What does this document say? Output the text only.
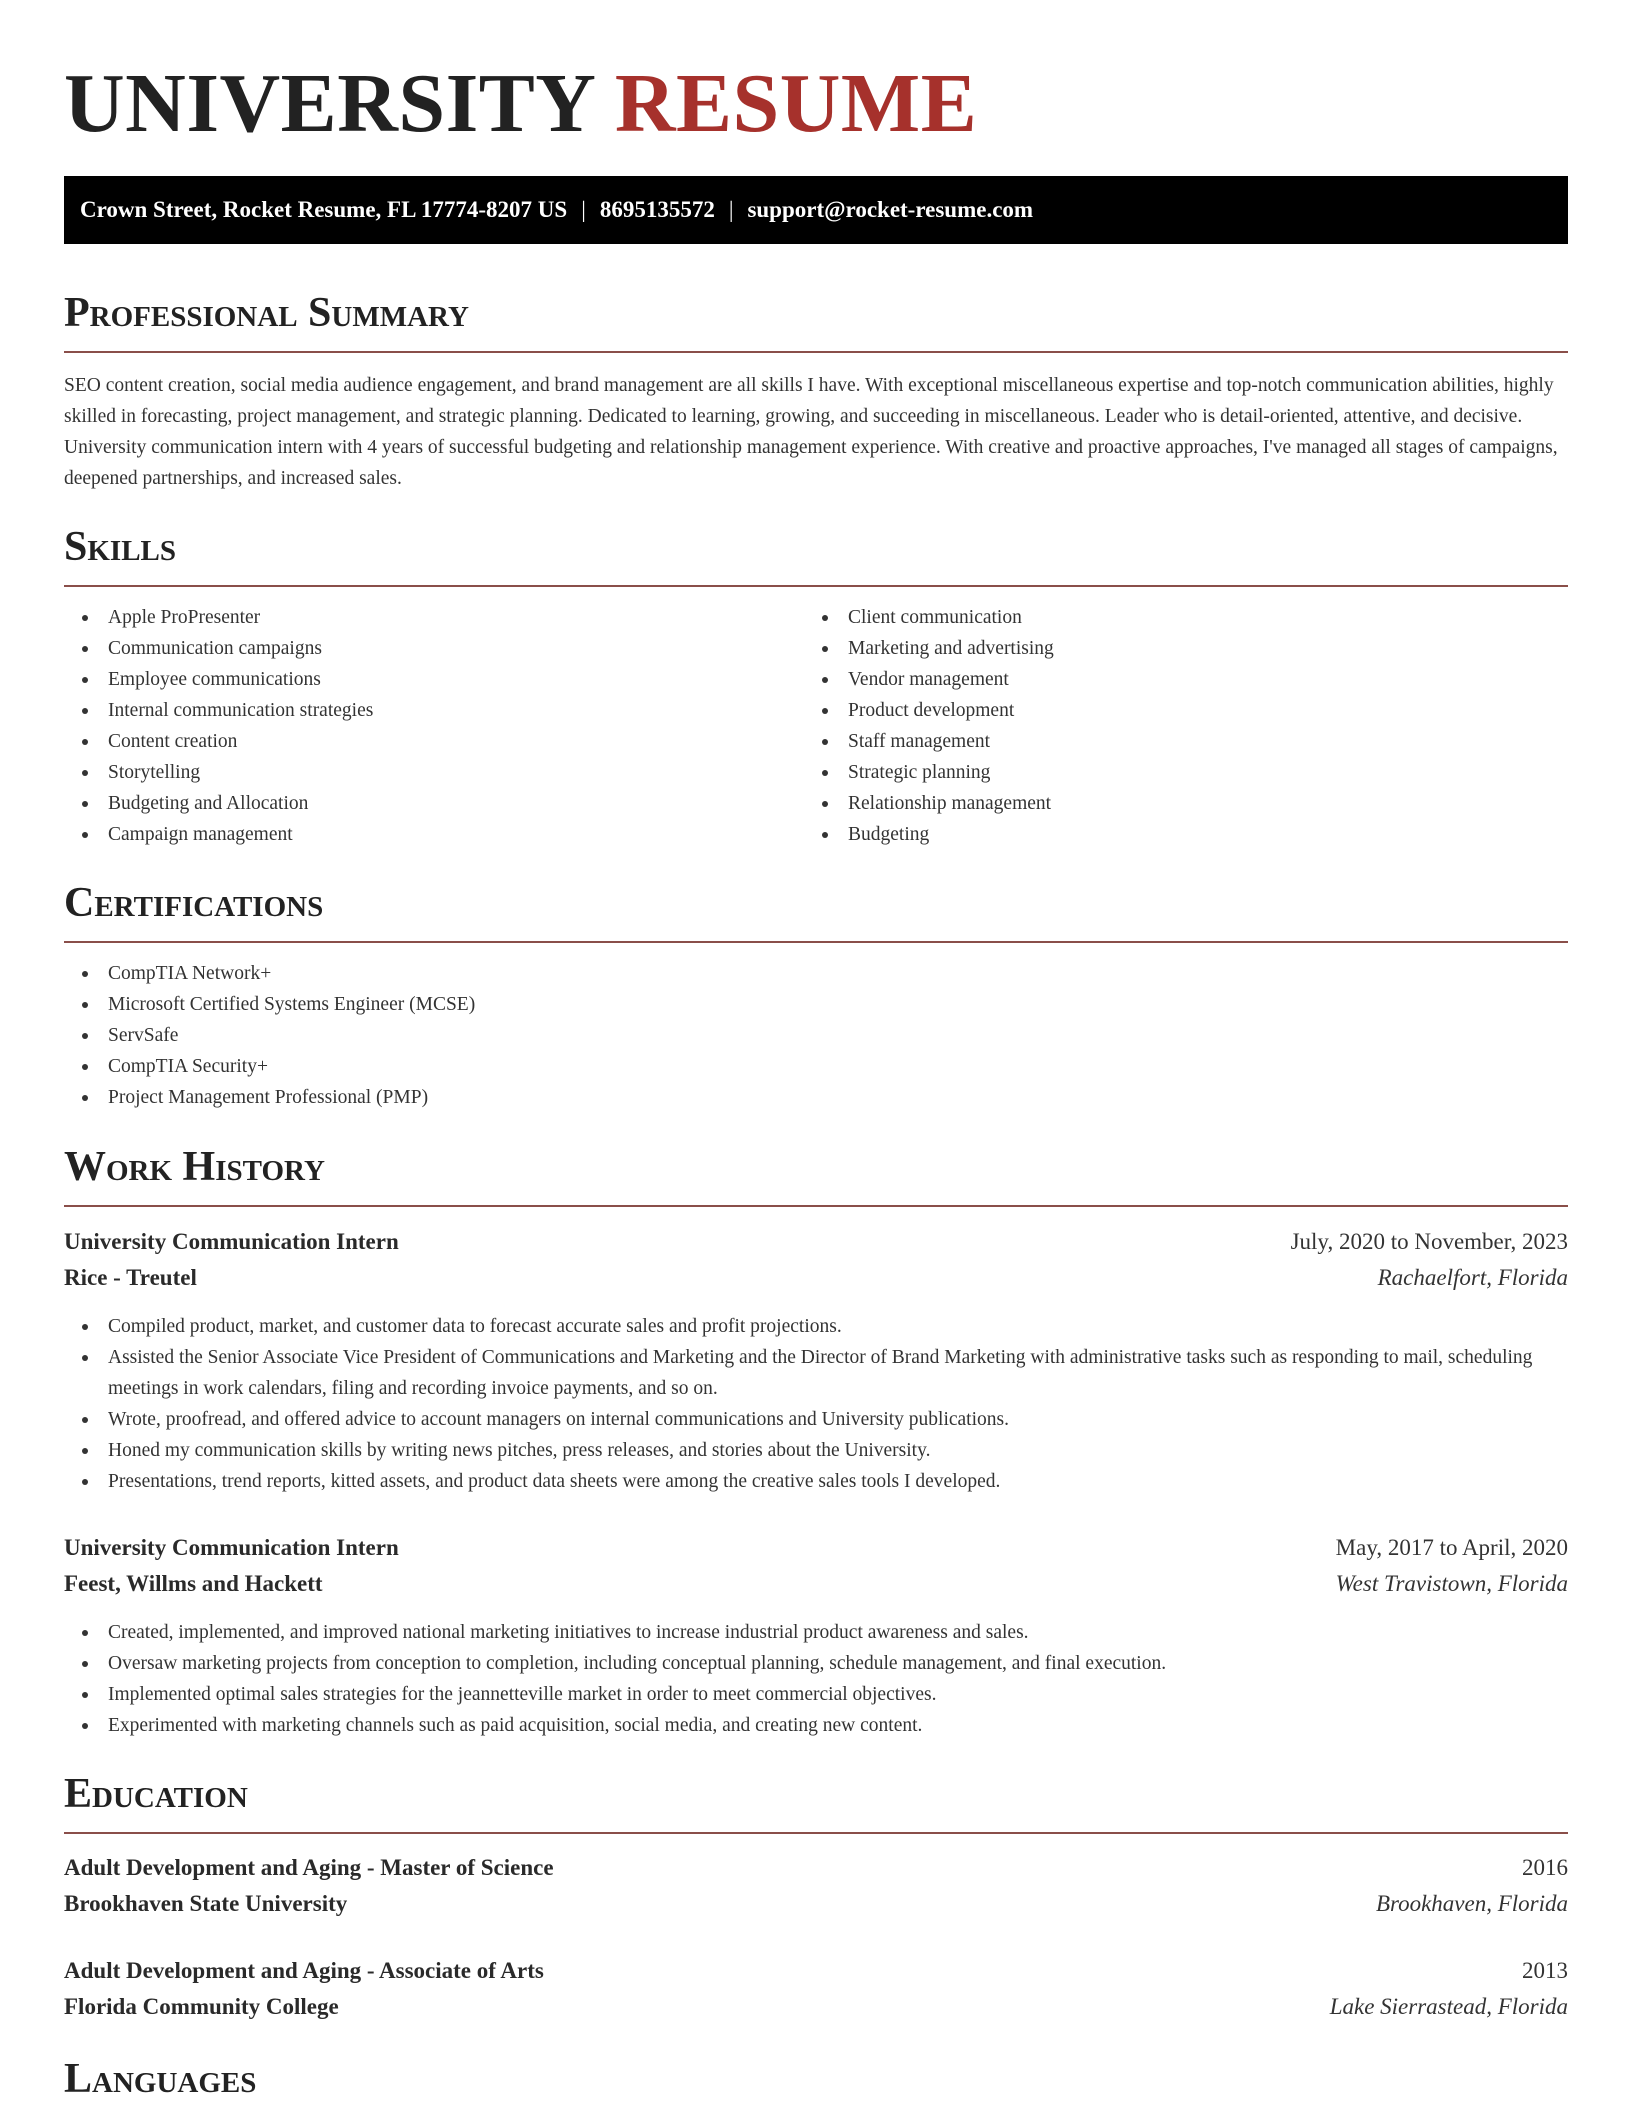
UNIVERSITY RESUME
Crown Street, Rocket Resume, FL 17774-8207 US | 8695135572 | support@rocket-resume.com
Professional Summary

SEO content creation, social media audience engagement, and brand management are all skills I have. With exceptional miscellaneous expertise and top-notch communication abilities, highly skilled in forecasting, project management, and strategic planning. Dedicated to learning, growing, and succeeding in miscellaneous. Leader who is detail-oriented, attentive, and decisive. University communication intern with 4 years of successful budgeting and relationship management experience. With creative and proactive approaches, I've managed all stages of campaigns, deepened partnerships, and increased sales.

Skills
Apple ProPresenter
Communication campaigns
Employee communications
Internal communication strategies
Content creation
Storytelling
Budgeting and Allocation
Campaign management
Client communication
Marketing and advertising
Vendor management
Product development
Staff management
Strategic planning
Relationship management
Budgeting
Certifications
CompTIA Network+
Microsoft Certified Systems Engineer (MCSE)
ServSafe
CompTIA Security+
Project Management Professional (PMP)
Work History
University Communication Intern	July, 2020 to November, 2023
Rice - Treutel	Rachaelfort, Florida
Compiled product, market, and customer data to forecast accurate sales and profit projections.
Assisted the Senior Associate Vice President of Communications and Marketing and the Director of Brand Marketing with administrative tasks such as responding to mail, scheduling meetings in work calendars, filing and recording invoice payments, and so on.
Wrote, proofread, and offered advice to account managers on internal communications and University publications.
Honed my communication skills by writing news pitches, press releases, and stories about the University.
Presentations, trend reports, kitted assets, and product data sheets were among the creative sales tools I developed.
University Communication Intern	May, 2017 to April, 2020
Feest, Willms and Hackett	West Travistown, Florida
Created, implemented, and improved national marketing initiatives to increase industrial product awareness and sales.
Oversaw marketing projects from conception to completion, including conceptual planning, schedule management, and final execution.
Implemented optimal sales strategies for the jeannetteville market in order to meet commercial objectives.
Experimented with marketing channels such as paid acquisition, social media, and creating new content.
Education
Adult Development and Aging - Master of Science	2016
Brookhaven State University	Brookhaven, Florida
Adult Development and Aging - Associate of Arts	2013
Florida Community College	Lake Sierrastead, Florida
Languages
